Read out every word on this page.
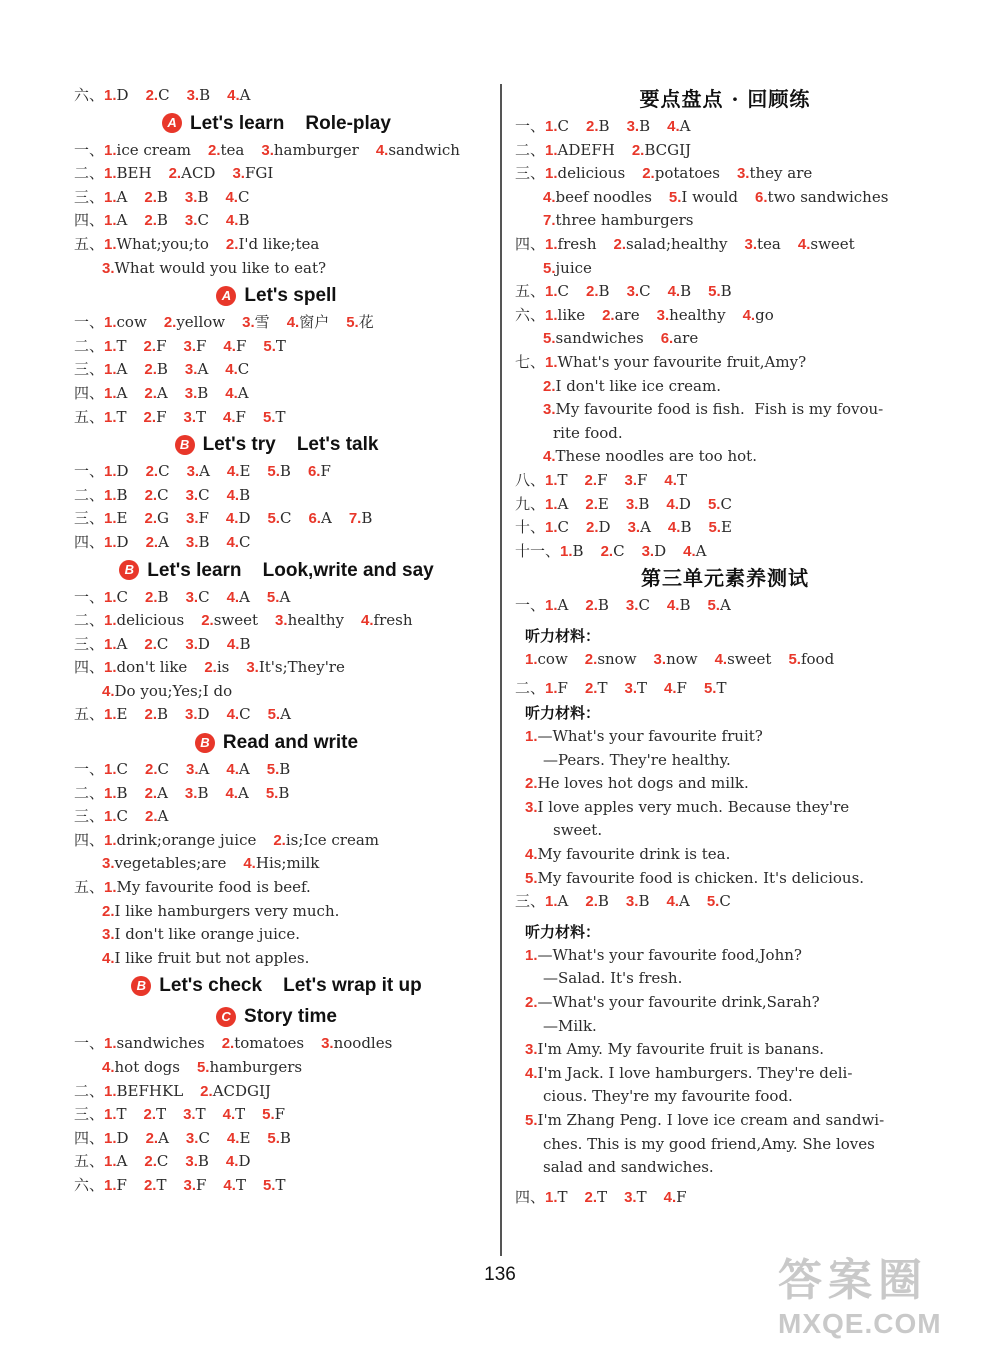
六、1.D 2.C 3.B 4.A
A Let's learn    Role-play
一、1.ice cream 2.tea 3.hamburger 4.sandwich
二、1.BEH 2.ACD 3.FGI
三、1.A 2.B 3.B 4.C
四、1.A 2.B 3.C 4.B
五、1.What;you;to 2.I'd like;tea
3.What would you like to eat?
A Let's spell
一、1.cow 2.yellow 3.雪 4.窗户 5.花
二、1.T 2.F 3.F 4.F 5.T
三、1.A 2.B 3.A 4.C
四、1.A 2.A 3.B 4.A
五、1.T 2.F 3.T 4.F 5.T
B Let's try    Let's talk
一、1.D 2.C 3.A 4.E 5.B 6.F
二、1.B 2.C 3.C 4.B
三、1.E 2.G 3.F 4.D 5.C 6.A 7.B
四、1.D 2.A 3.B 4.C
B Let's learn    Look,write and say
一、1.C 2.B 3.C 4.A 5.A
二、1.delicious 2.sweet 3.healthy 4.fresh
三、1.A 2.C 3.D 4.B
四、1.don't like 2.is 3.It's;They're
4.Do you;Yes;I do
五、1.E 2.B 3.D 4.C 5.A
B Read and write
一、1.C 2.C 3.A 4.A 5.B
二、1.B 2.A 3.B 4.A 5.B
三、1.C 2.A
四、1.drink;orange juice 2.is;Ice cream
3.vegetables;are 4.His;milk
五、1.My favourite food is beef.
2.I like hamburgers very much.
3.I don't like orange juice.
4.I like fruit but not apples.
B Let's check    Let's wrap it up
C Story time
一、1.sandwiches 2.tomatoes 3.noodles
4.hot dogs 5.hamburgers
二、1.BEFHKL 2.ACDGIJ
三、1.T 2.T 3.T 4.T 5.F
四、1.D 2.A 3.C 4.E 5.B
五、1.A 2.C 3.B 4.D
六、1.F 2.T 3.F 4.T 5.T
要点盘点 · 回顾练
一、1.C 2.B 3.B 4.A
二、1.ADEFH 2.BCGIJ
三、1.delicious 2.potatoes 3.they are
4.beef noodles 5.I would 6.two sandwiches
7.three hamburgers
四、1.fresh 2.salad;healthy 3.tea 4.sweet
5.juice
五、1.C 2.B 3.C 4.B 5.B
六、1.like 2.are 3.healthy 4.go
5.sandwiches 6.are
七、1.What's your favourite fruit,Amy?
2.I don't like ice cream.
3.My favourite food is fish.  Fish is my fovou-
rite food.
4.These noodles are too hot.
八、1.T 2.F 3.F 4.T
九、1.A 2.E 3.B 4.D 5.C
十、1.C 2.D 3.A 4.B 5.E
十一、1.B 2.C 3.D 4.A
第三单元素养测试
一、1.A 2.B 3.C 4.B 5.A
听力材料：
1.cow 2.snow 3.now 4.sweet 5.food
二、1.F 2.T 3.T 4.F 5.T
听力材料：
1.—What's your favourite fruit?
—Pears. They're healthy.
2.He loves hot dogs and milk.
3.I love apples very much. Because they're
sweet.
4.My favourite drink is tea.
5.My favourite food is chicken. It's delicious.
三、1.A 2.B 3.B 4.A 5.C
听力材料：
1.—What's your favourite food,John?
—Salad. It's fresh.
2.—What's your favourite drink,Sarah?
—Milk.
3.I'm Amy. My favourite fruit is banans.
4.I'm Jack. I love hamburgers. They're deli-
cious. They're my favourite food.
5.I'm Zhang Peng. I love ice cream and sandwi-
ches. This is my good friend,Amy. She loves
salad and sandwiches.
四、1.T 2.T 3.T 4.F
136	答案圈
MXQE.COM
